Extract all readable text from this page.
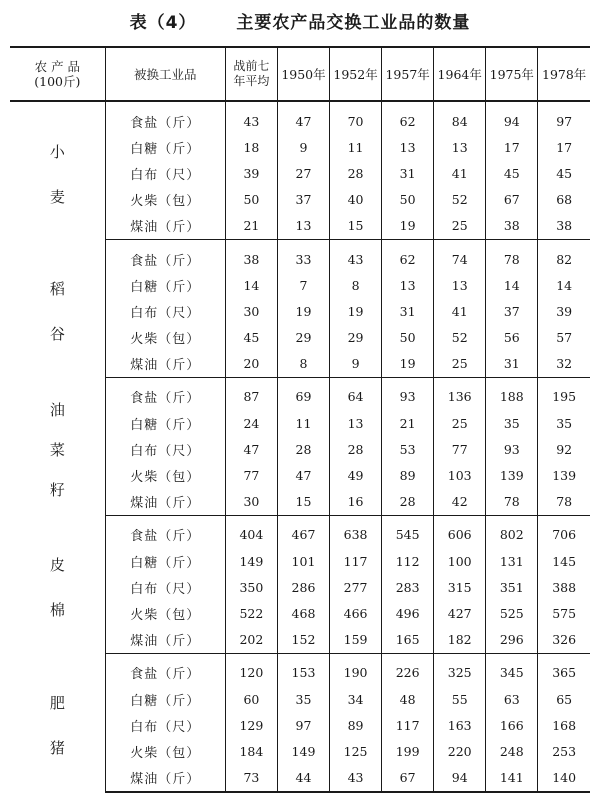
表（4） 主要农产品交换工业品的数量
农 产 品
(100斤)	被换工业品	战前七年平均	1950年	1952年	1957年	1964年	1975年	1978年

小
麦	食盐（斤）	43	47	70	62	84	94	97
	白糖（斤）	18	9	11	13	13	17	17
	白布（尺）	39	27	28	31	41	45	45
	火柴（包）	50	37	40	50	52	67	68
	煤油（斤）	21	13	15	19	25	38	38

稻
谷	食盐（斤）	38	33	43	62	74	78	82
	白糖（斤）	14	7	8	13	13	14	14
	白布（尺）	30	19	19	31	41	37	39
	火柴（包）	45	29	29	50	52	56	57
	煤油（斤）	20	8	9	19	25	31	32

油
菜
籽	食盐（斤）	87	69	64	93	136	188	195
	白糖（斤）	24	11	13	21	25	35	35
	白布（尺）	47	28	28	53	77	93	92
	火柴（包）	77	47	49	89	103	139	139
	煤油（斤）	30	15	16	28	42	78	78

皮
棉	食盐（斤）	404	467	638	545	606	802	706
	白糖（斤）	149	101	117	112	100	131	145
	白布（尺）	350	286	277	283	315	351	388
	火柴（包）	522	468	466	496	427	525	575
	煤油（斤）	202	152	159	165	182	296	326

肥
猪	食盐（斤）	120	153	190	226	325	345	365
	白糖（斤）	60	35	34	48	55	63	65
	白布（尺）	129	97	89	117	163	166	168
	火柴（包）	184	149	125	199	220	248	253
	煤油（斤）	73	44	43	67	94	141	140
